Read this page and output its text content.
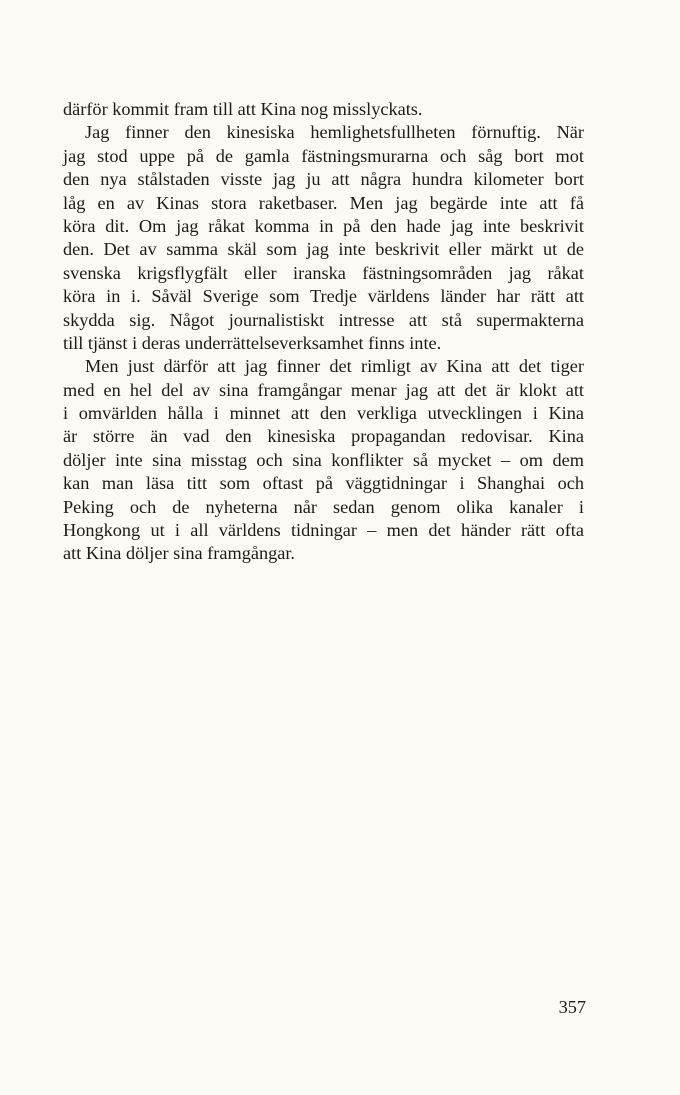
därför kommit fram till att Kina nog misslyckats.
Jag finner den kinesiska hemlighetsfullheten förnuftig. När
jag stod uppe på de gamla fästningsmurarna och såg bort mot
den nya stålstaden visste jag ju att några hundra kilometer bort
låg en av Kinas stora raketbaser. Men jag begärde inte att få
köra dit. Om jag råkat komma in på den hade jag inte beskrivit
den. Det av samma skäl som jag inte beskrivit eller märkt ut de
svenska krigsflygfält eller iranska fästningsområden jag råkat
köra in i. Såväl Sverige som Tredje världens länder har rätt att
skydda sig. Något journalistiskt intresse att stå supermakterna
till tjänst i deras underrättelseverksamhet finns inte.
Men just därför att jag finner det rimligt av Kina att det tiger
med en hel del av sina framgångar menar jag att det är klokt att
i omvärlden hålla i minnet att den verkliga utvecklingen i Kina
är större än vad den kinesiska propagandan redovisar. Kina
döljer inte sina misstag och sina konflikter så mycket – om dem
kan man läsa titt som oftast på väggtidningar i Shanghai och
Peking och de nyheterna når sedan genom olika kanaler i
Hongkong ut i all världens tidningar – men det händer rätt ofta
att Kina döljer sina framgångar.
357
